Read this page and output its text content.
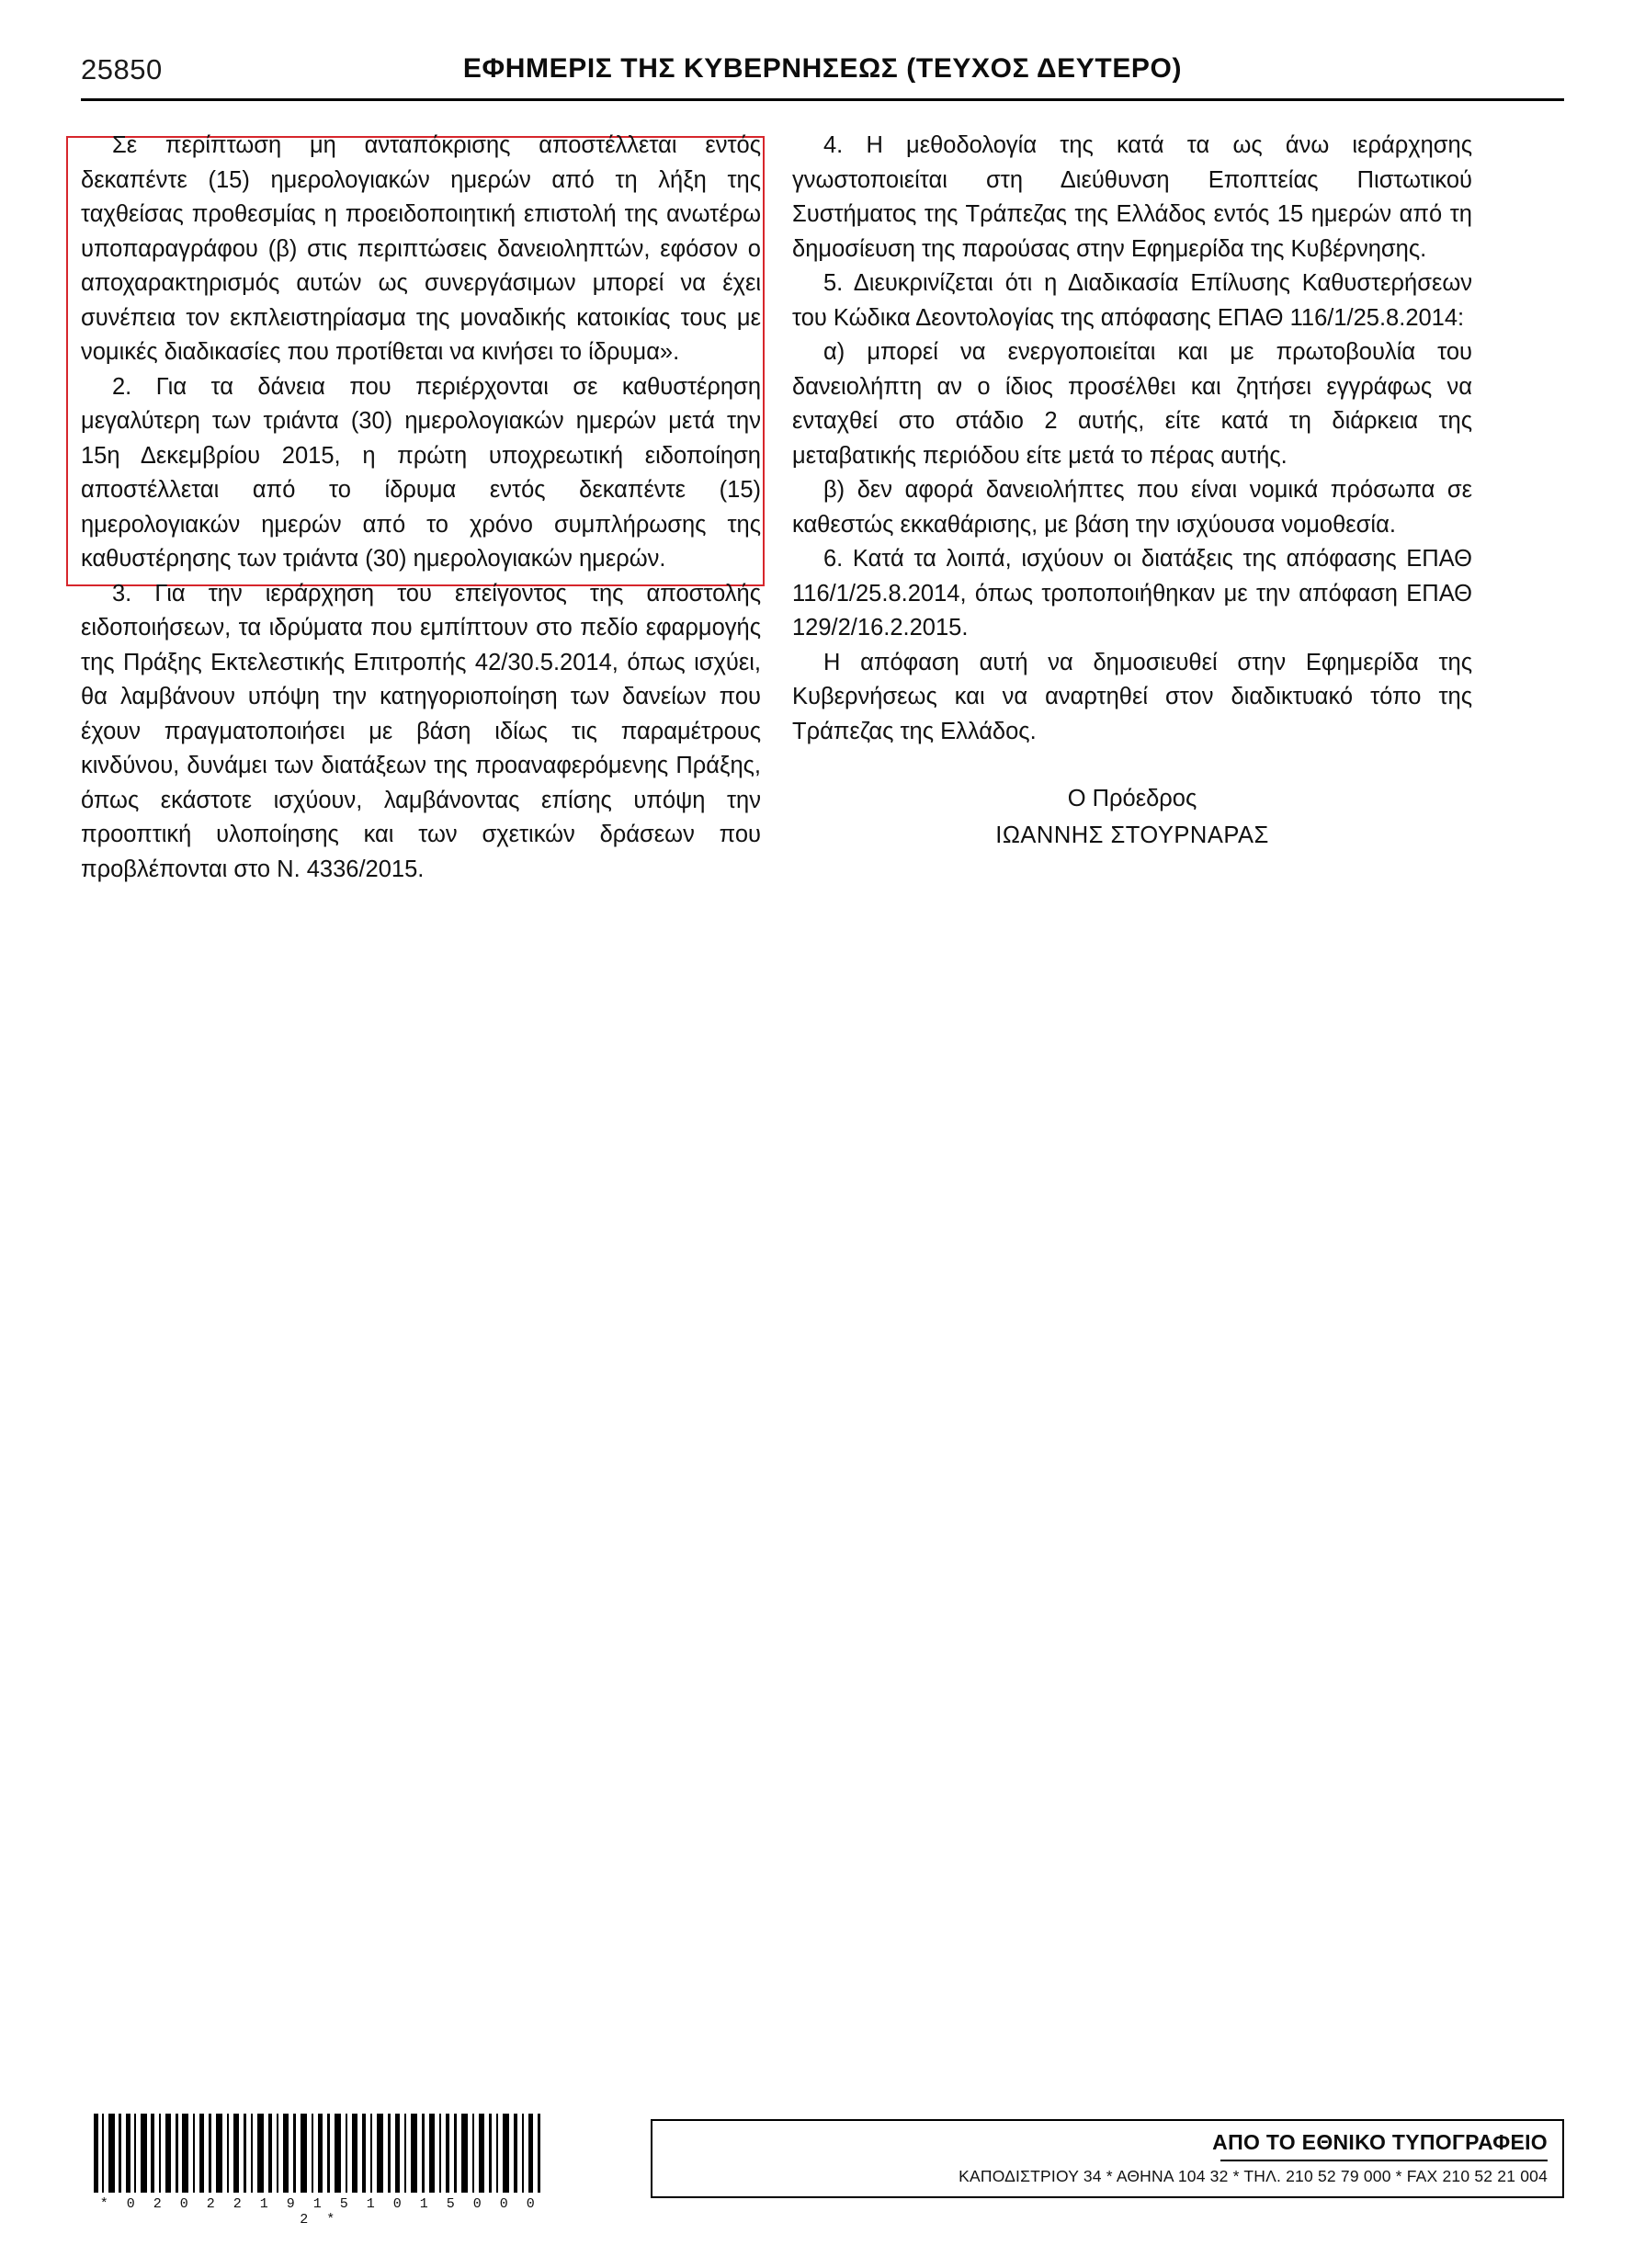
25850	ΕΦΗΜΕΡΙΣ ΤΗΣ ΚΥΒΕΡΝΗΣΕΩΣ (ΤΕΥΧΟΣ ΔΕΥΤΕΡΟ)

Σε περίπτωση μη ανταπόκρισης αποστέλλεται εντός δεκαπέντε (15) ημερολογιακών ημερών από τη λήξη της ταχθείσας προθεσμίας η προειδοποιητική επιστολή της ανωτέρω υποπαραγράφου (β) στις περιπτώσεις δανειοληπτών, εφόσον ο αποχαρακτηρισμός αυτών ως συνεργάσιμων μπορεί να έχει συνέπεια τον εκπλειστηρίασμα της μοναδικής κατοικίας τους με νομικές διαδικασίες που προτίθεται να κινήσει το ίδρυμα».

2. Για τα δάνεια που περιέρχονται σε καθυστέρηση μεγαλύτερη των τριάντα (30) ημερολογιακών ημερών μετά την 15η Δεκεμβρίου 2015, η πρώτη υποχρεωτική ειδοποίηση αποστέλλεται από το ίδρυμα εντός δεκαπέντε (15) ημερολογιακών ημερών από το χρόνο συμπλήρωσης της καθυστέρησης των τριάντα (30) ημερολογιακών ημερών.

3. Για την ιεράρχηση του επείγοντος της αποστολής ειδοποιήσεων, τα ιδρύματα που εμπίπτουν στο πεδίο εφαρμογής της Πράξης Εκτελεστικής Επιτροπής 42/30.5.2014, όπως ισχύει, θα λαμβάνουν υπόψη την κατηγοριοποίηση των δανείων που έχουν πραγματοποιήσει με βάση ιδίως τις παραμέτρους κινδύνου, δυνάμει των διατάξεων της προαναφερόμενης Πράξης, όπως εκάστοτε ισχύουν, λαμβάνοντας επίσης υπόψη την προοπτική υλοποίησης και των σχετικών δράσεων που προβλέπονται στο Ν. 4336/2015.

4. Η μεθοδολογία της κατά τα ως άνω ιεράρχησης γνωστοποιείται στη Διεύθυνση Εποπτείας Πιστωτικού Συστήματος της Τράπεζας της Ελλάδος εντός 15 ημερών από τη δημοσίευση της παρούσας στην Εφημερίδα της Κυβέρνησης.

5. Διευκρινίζεται ότι η Διαδικασία Επίλυσης Καθυστερήσεων του Κώδικα Δεοντολογίας της απόφασης ΕΠΑΘ 116/1/25.8.2014:

α) μπορεί να ενεργοποιείται και με πρωτοβουλία του δανειολήπτη αν ο ίδιος προσέλθει και ζητήσει εγγράφως να ενταχθεί στο στάδιο 2 αυτής, είτε κατά τη διάρκεια της μεταβατικής περιόδου είτε μετά το πέρας αυτής.

β) δεν αφορά δανειολήπτες που είναι νομικά πρόσωπα σε καθεστώς εκκαθάρισης, με βάση την ισχύουσα νομοθεσία.

6. Κατά τα λοιπά, ισχύουν οι διατάξεις της απόφασης ΕΠΑΘ 116/1/25.8.2014, όπως τροποποιήθηκαν με την απόφαση ΕΠΑΘ 129/2/16.2.2015.

Η απόφαση αυτή να δημοσιευθεί στην Εφημερίδα της Κυβερνήσεως και να αναρτηθεί στον διαδικτυακό τόπο της Τράπεζας της Ελλάδος.

Ο Πρόεδρος
ΙΩΑΝΝΗΣ ΣΤΟΥΡΝΑΡΑΣ
* 0 2 0 2 2 1 9 1 5 1 0 1 5 0 0 0 2 *
ΑΠΟ ΤΟ ΕΘΝΙΚΟ ΤΥΠΟΓΡΑΦΕΙΟ
ΚΑΠΟΔΙΣΤΡΙΟΥ 34 * ΑΘΗΝΑ 104 32 * ΤΗΛ. 210 52 79 000 * FAX 210 52 21 004
